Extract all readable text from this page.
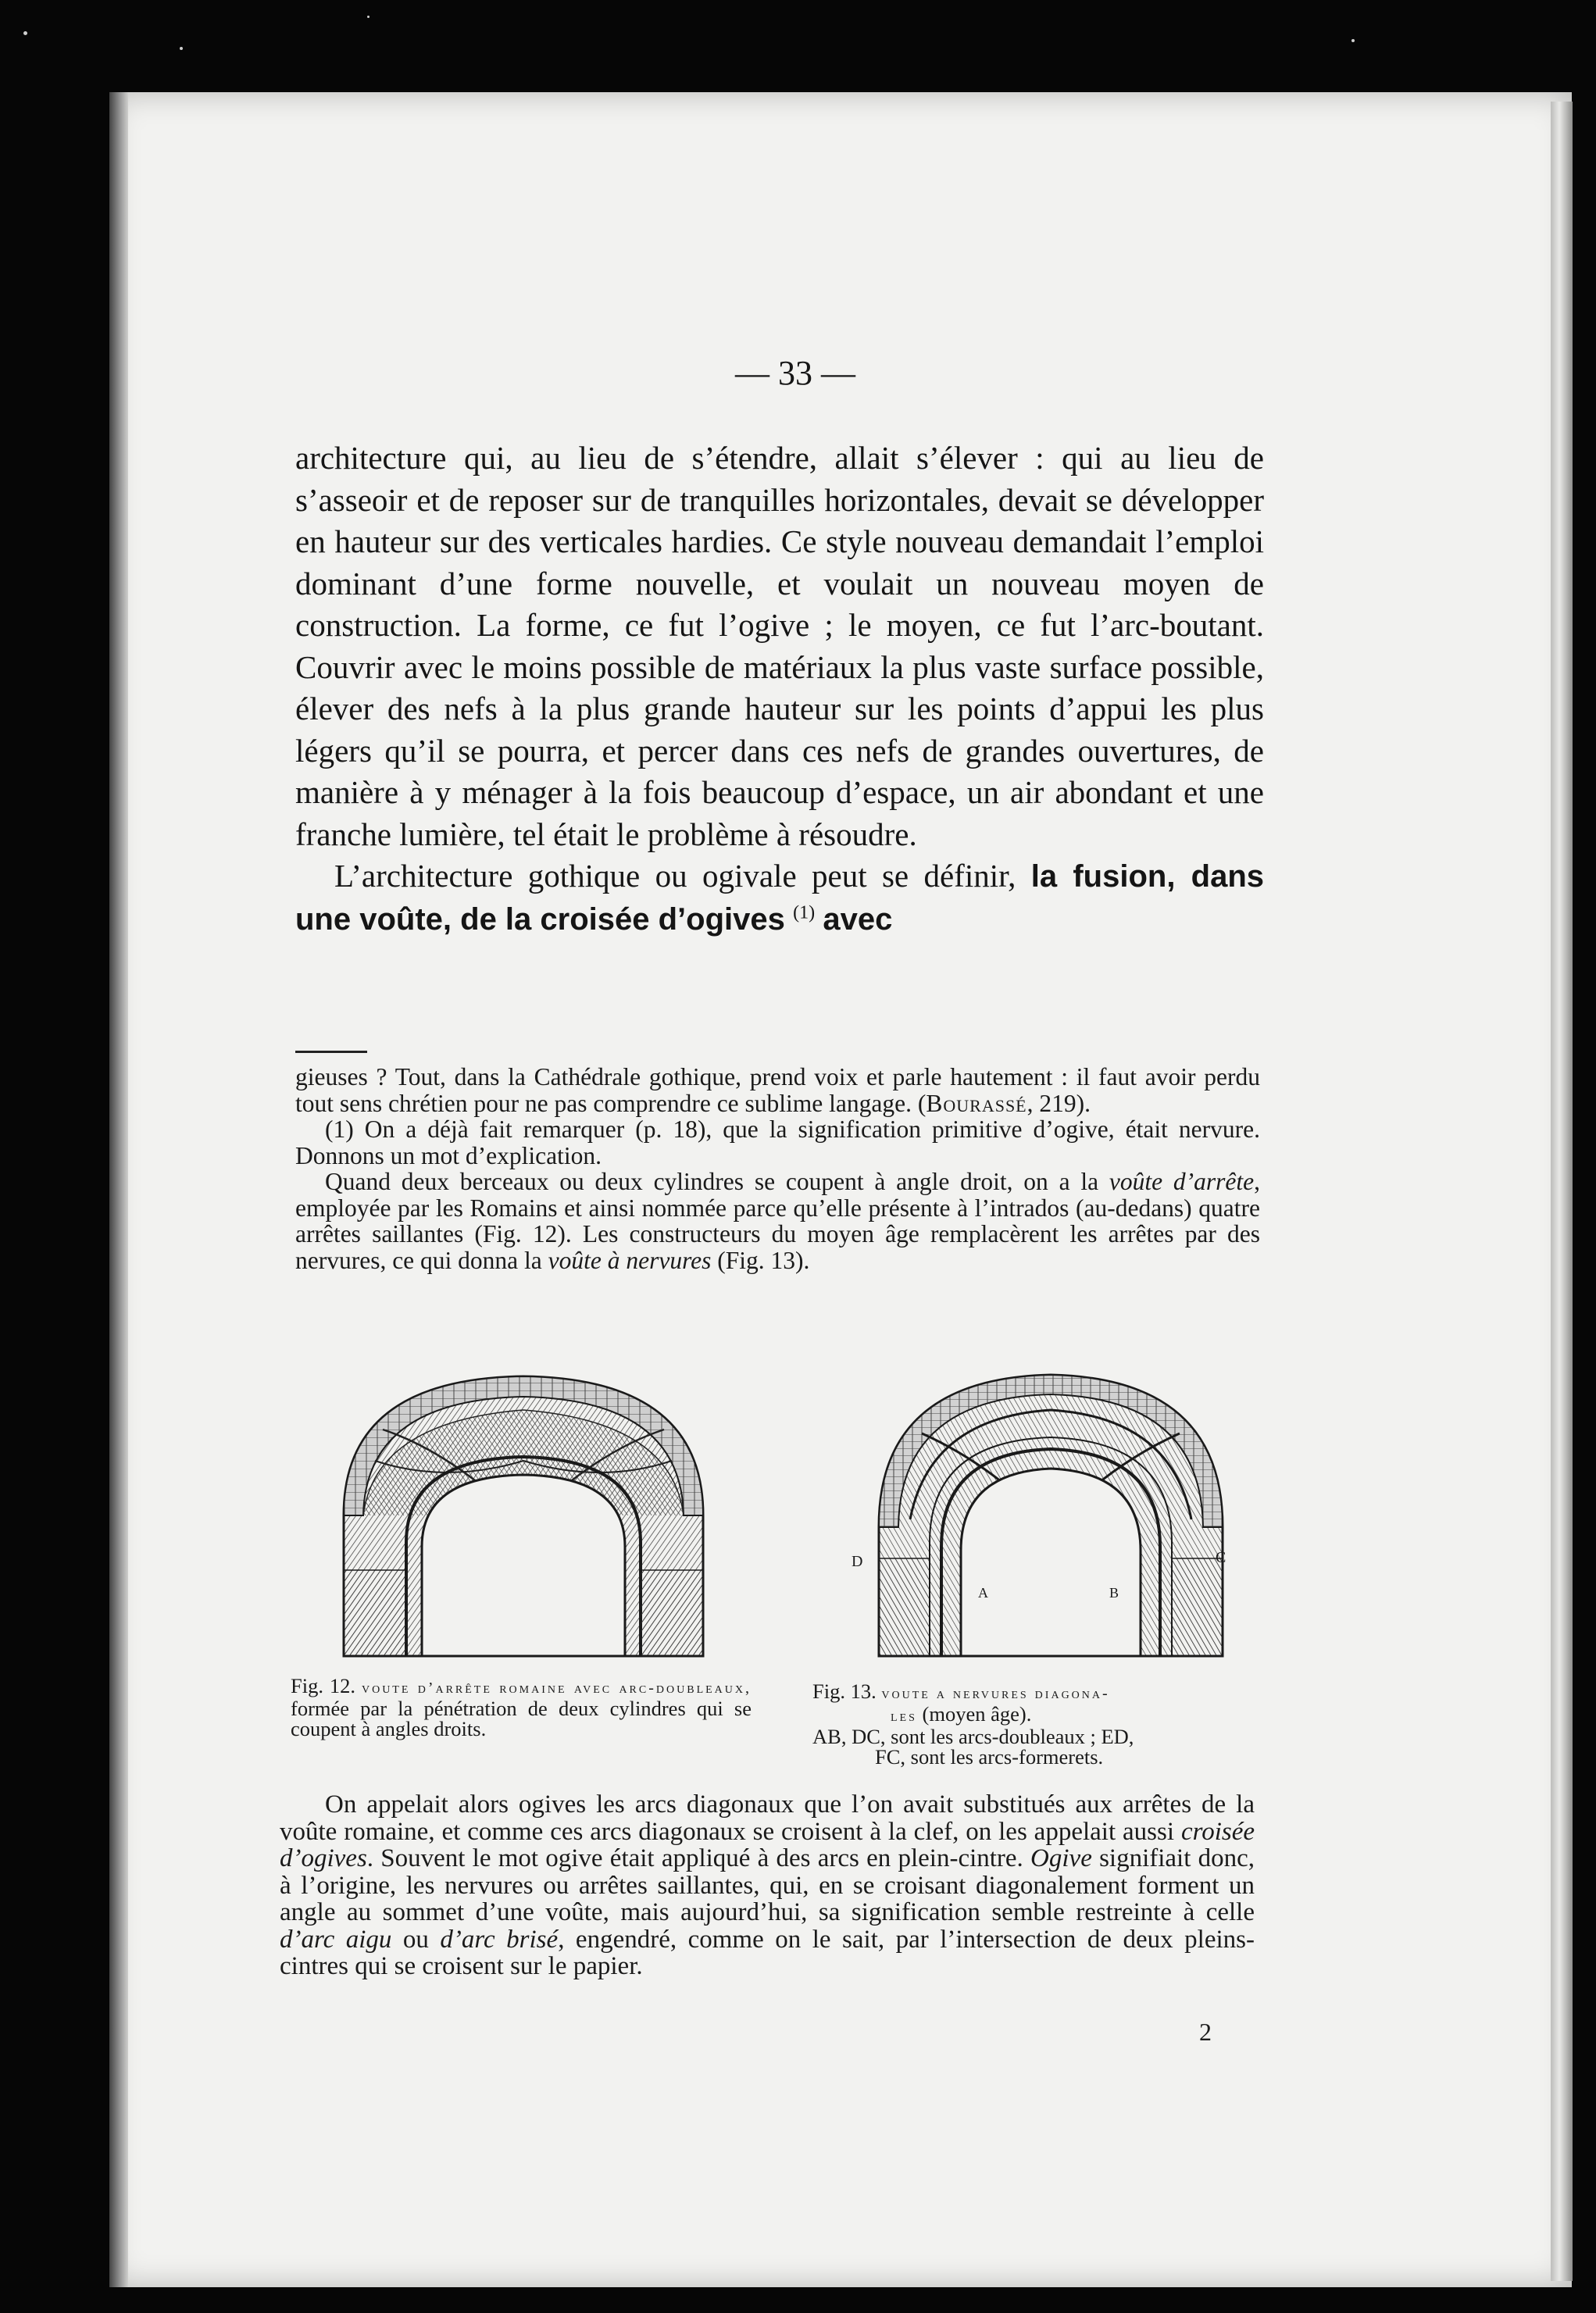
— 33 —

architecture qui, au lieu de s’étendre, allait s’élever : qui au lieu de s’asseoir et de reposer sur de tranquilles horizontales, devait se développer en hauteur sur des verticales hardies. Ce style nouveau demandait l’emploi dominant d’une forme nouvelle, et voulait un nouveau moyen de construction. La forme, ce fut l’ogive ; le moyen, ce fut l’arc-boutant. Couvrir avec le moins possible de matériaux la plus vaste surface possible, élever des nefs à la plus grande hauteur sur les points d’appui les plus légers qu’il se pourra, et percer dans ces nefs de grandes ouvertures, de manière à y ménager à la fois beaucoup d’espace, un air abondant et une franche lumière, tel était le problème à résoudre.
L’architecture gothique ou ogivale peut se définir, la fusion, dans une voûte, de la croisée d’ogives $^{(1)}$ avec

gieuses ? Tout, dans la Cathédrale gothique, prend voix et parle hautement : il faut avoir perdu tout sens chrétien pour ne pas comprendre ce sublime langage. (Bourassé, 219).

(1) On a déjà fait remarquer (p. 18), que la signification primitive d’ogive, était nervure. Donnons un mot d’explication.

Quand deux berceaux ou deux cylindres se coupent à angle droit, on a la voûte d’arrête, employée par les Romains et ainsi nommée parce qu’elle présente à l’intrados (au-dedans) quatre arrêtes saillantes (Fig. 12). Les constructeurs du moyen âge remplacèrent les arrêtes par des nervures, ce qui donna la voûte à nervures (Fig. 13).

D	C
A	B

Fig. 12. voute d’arrête romaine avec arc-doubleaux, formée par la pénétration de deux cylindres qui se coupent à angles droits.

Fig. 13. voute a nervures diagona-
les (moyen âge).
AB, DC, sont les arcs-doubleaux ; ED,
FC, sont les arcs-formerets.

On appelait alors ogives les arcs diagonaux que l’on avait substitués aux arrêtes de la voûte romaine, et comme ces arcs diagonaux se croisent à la clef, on les appelait aussi croisée d’ogives. Souvent le mot ogive était appliqué à des arcs en plein-cintre. Ogive signifiait donc, à l’origine, les nervures ou arrêtes saillantes, qui, en se croisant diagonalement forment un angle au sommet d’une voûte, mais aujourd’hui, sa signification semble restreinte à celle d’arc aigu ou d’arc brisé, engendré, comme on le sait, par l’intersection de deux pleins-cintres qui se croisent sur le papier.

2
